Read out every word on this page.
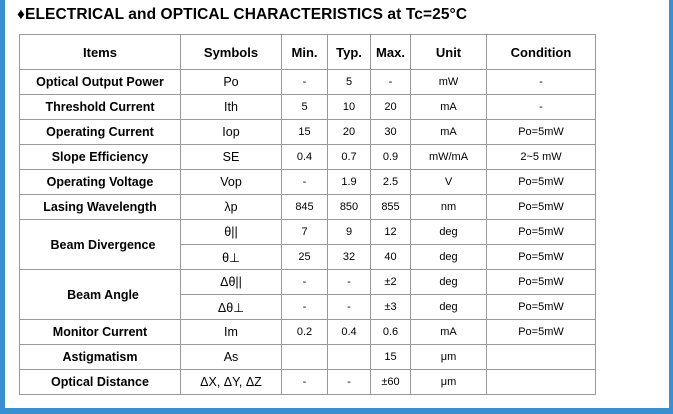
♦ELECTRICAL and OPTICAL CHARACTERISTICS at Tc=25°C
Items	Symbols	Min.	Typ.	Max.	Unit	Condition
Optical Output Power	Po	-	5	-	mW	-
Threshold Current	Ith	5	10	20	mA	-
Operating Current	Iop	15	20	30	mA	Po=5mW
Slope Efficiency	SE	0.4	0.7	0.9	mW/mA	2~5 mW
Operating Voltage	Vop	-	1.9	2.5	V	Po=5mW
Lasing Wavelength	λp	845	850	855	nm	Po=5mW
Beam Divergence	θ||	7	9	12	deg	Po=5mW
	θ⊥	25	32	40	deg	Po=5mW
Beam Angle	Δθ||	-	-	±2	deg	Po=5mW
	Δθ⊥	-	-	±3	deg	Po=5mW
Monitor Current	Im	0.2	0.4	0.6	mA	Po=5mW
Astigmatism	As			15	μm	
Optical Distance	ΔX, ΔY, ΔZ	-	-	±60	μm	
